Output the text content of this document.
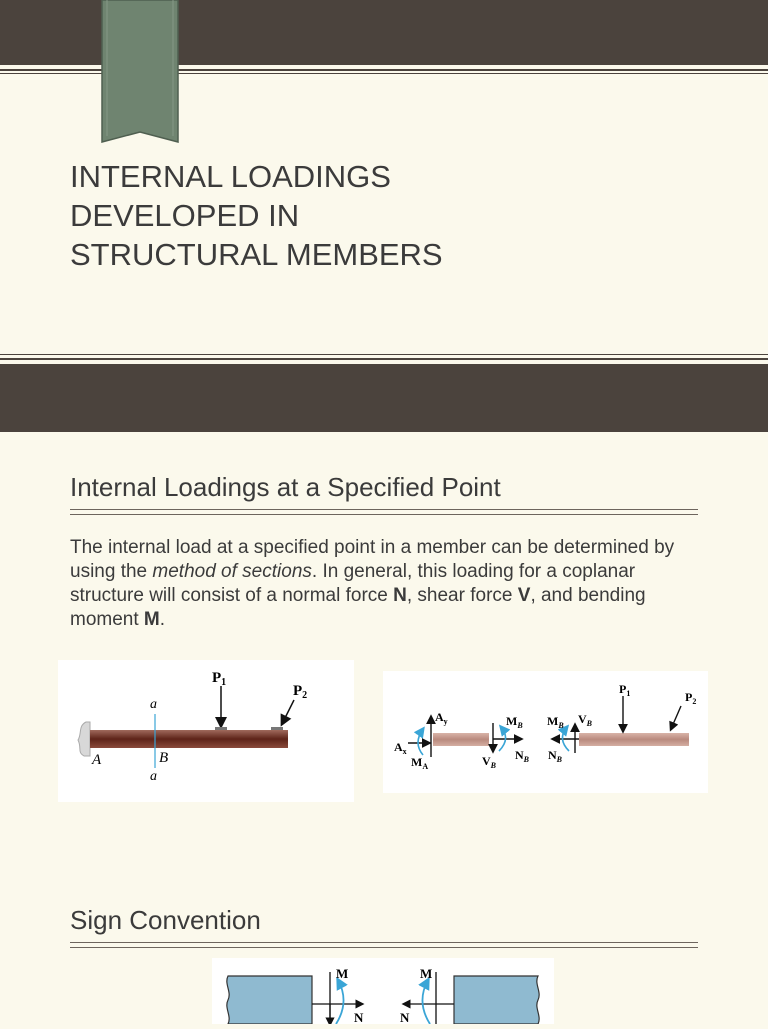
INTERNAL LOADINGS
DEVELOPED IN
STRUCTURAL MEMBERS
Internal Loadings at a Specified Point
The internal load at a specified point in a member can be determined by using the method of sections. In general, this loading for a coplanar structure will consist of a normal force N, shear force V, and bending moment M.
$P_1$
$P_2$
a
a
A	B
$A_y$
$A_x$
$M_A$
$M_B$
$V_B$
$N_B$
$M_B$ $V_B$
$N_B$
$P_1$	$P_2$
Sign Convention
M
N
M
N
